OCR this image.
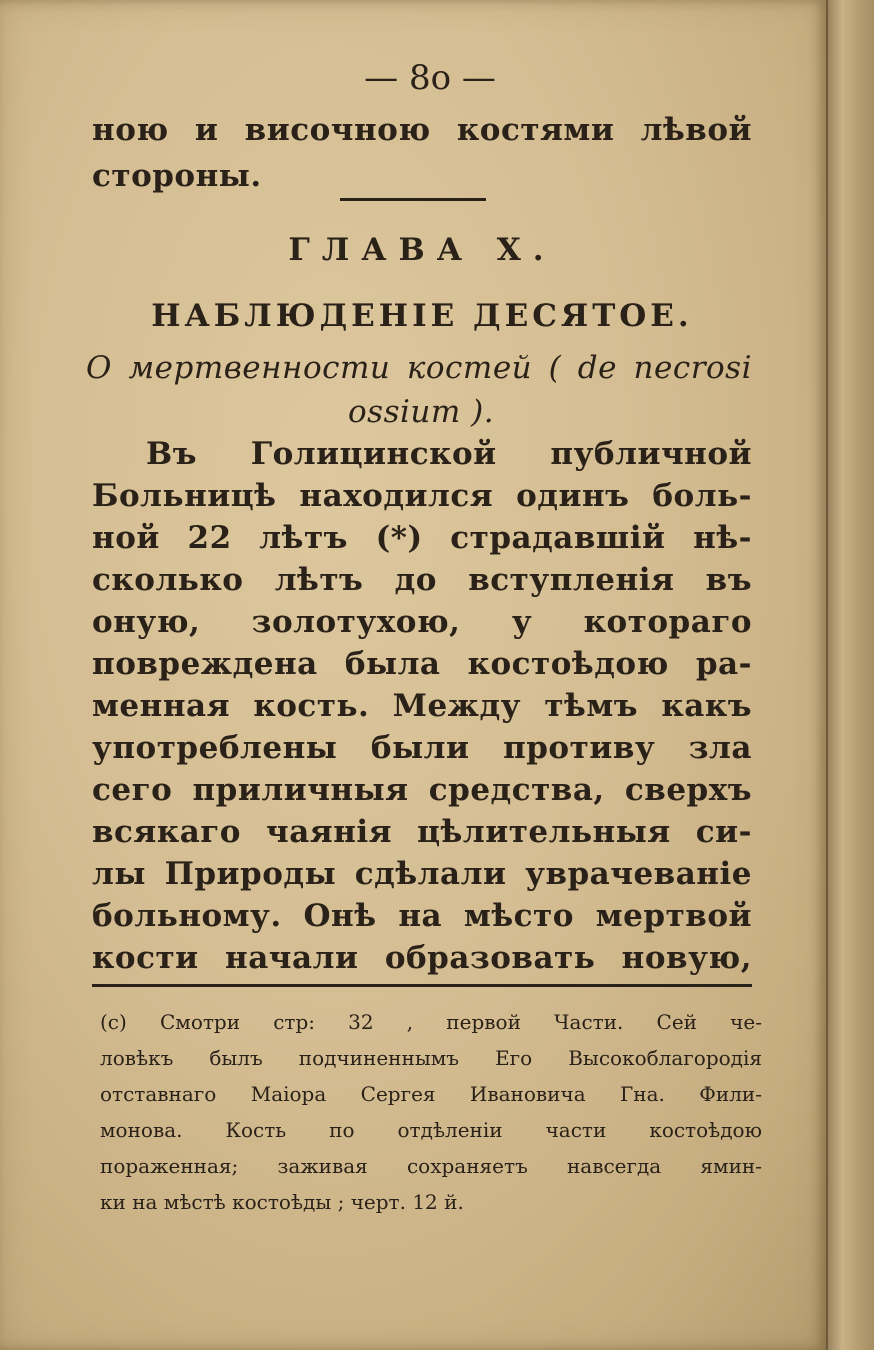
— 8о —
ною и височною костями лѣвой
стороны.
ГЛАВА X.
НАБЛЮДЕНІЕ ДЕСЯТОЕ.
О мертвенности костей ( de necrosi
ossium ).
Въ Голицинской публичной
Больницѣ находился одинъ боль-
ной 22 лѣтъ (*) страдавшій нѣ-
сколько лѣтъ до вступленія въ
оную, золотухою, у котораго
повреждена была костоѣдою ра-
менная кость. Между тѣмъ какъ
употреблены были противу зла
сего приличныя средства, сверхъ
всякаго чаянія цѣлительныя си-
лы Природы сдѣлали уврачеваніе
больному. Онѣ на мѣсто мертвой
кости начали образовать новую,
(с) Смотри стр: 32 , первой Части. Сей че-
ловѣкъ былъ подчиненнымъ Его Высокоблагородія
отставнаго Маіора Сергея Ивановича Гна. Фили-
монова. Кость по отдѣленіи части костоѣдою
пораженная; заживая сохраняетъ навсегда ямин-
ки на мѣстѣ костоѣды ; черт. 12 й.
